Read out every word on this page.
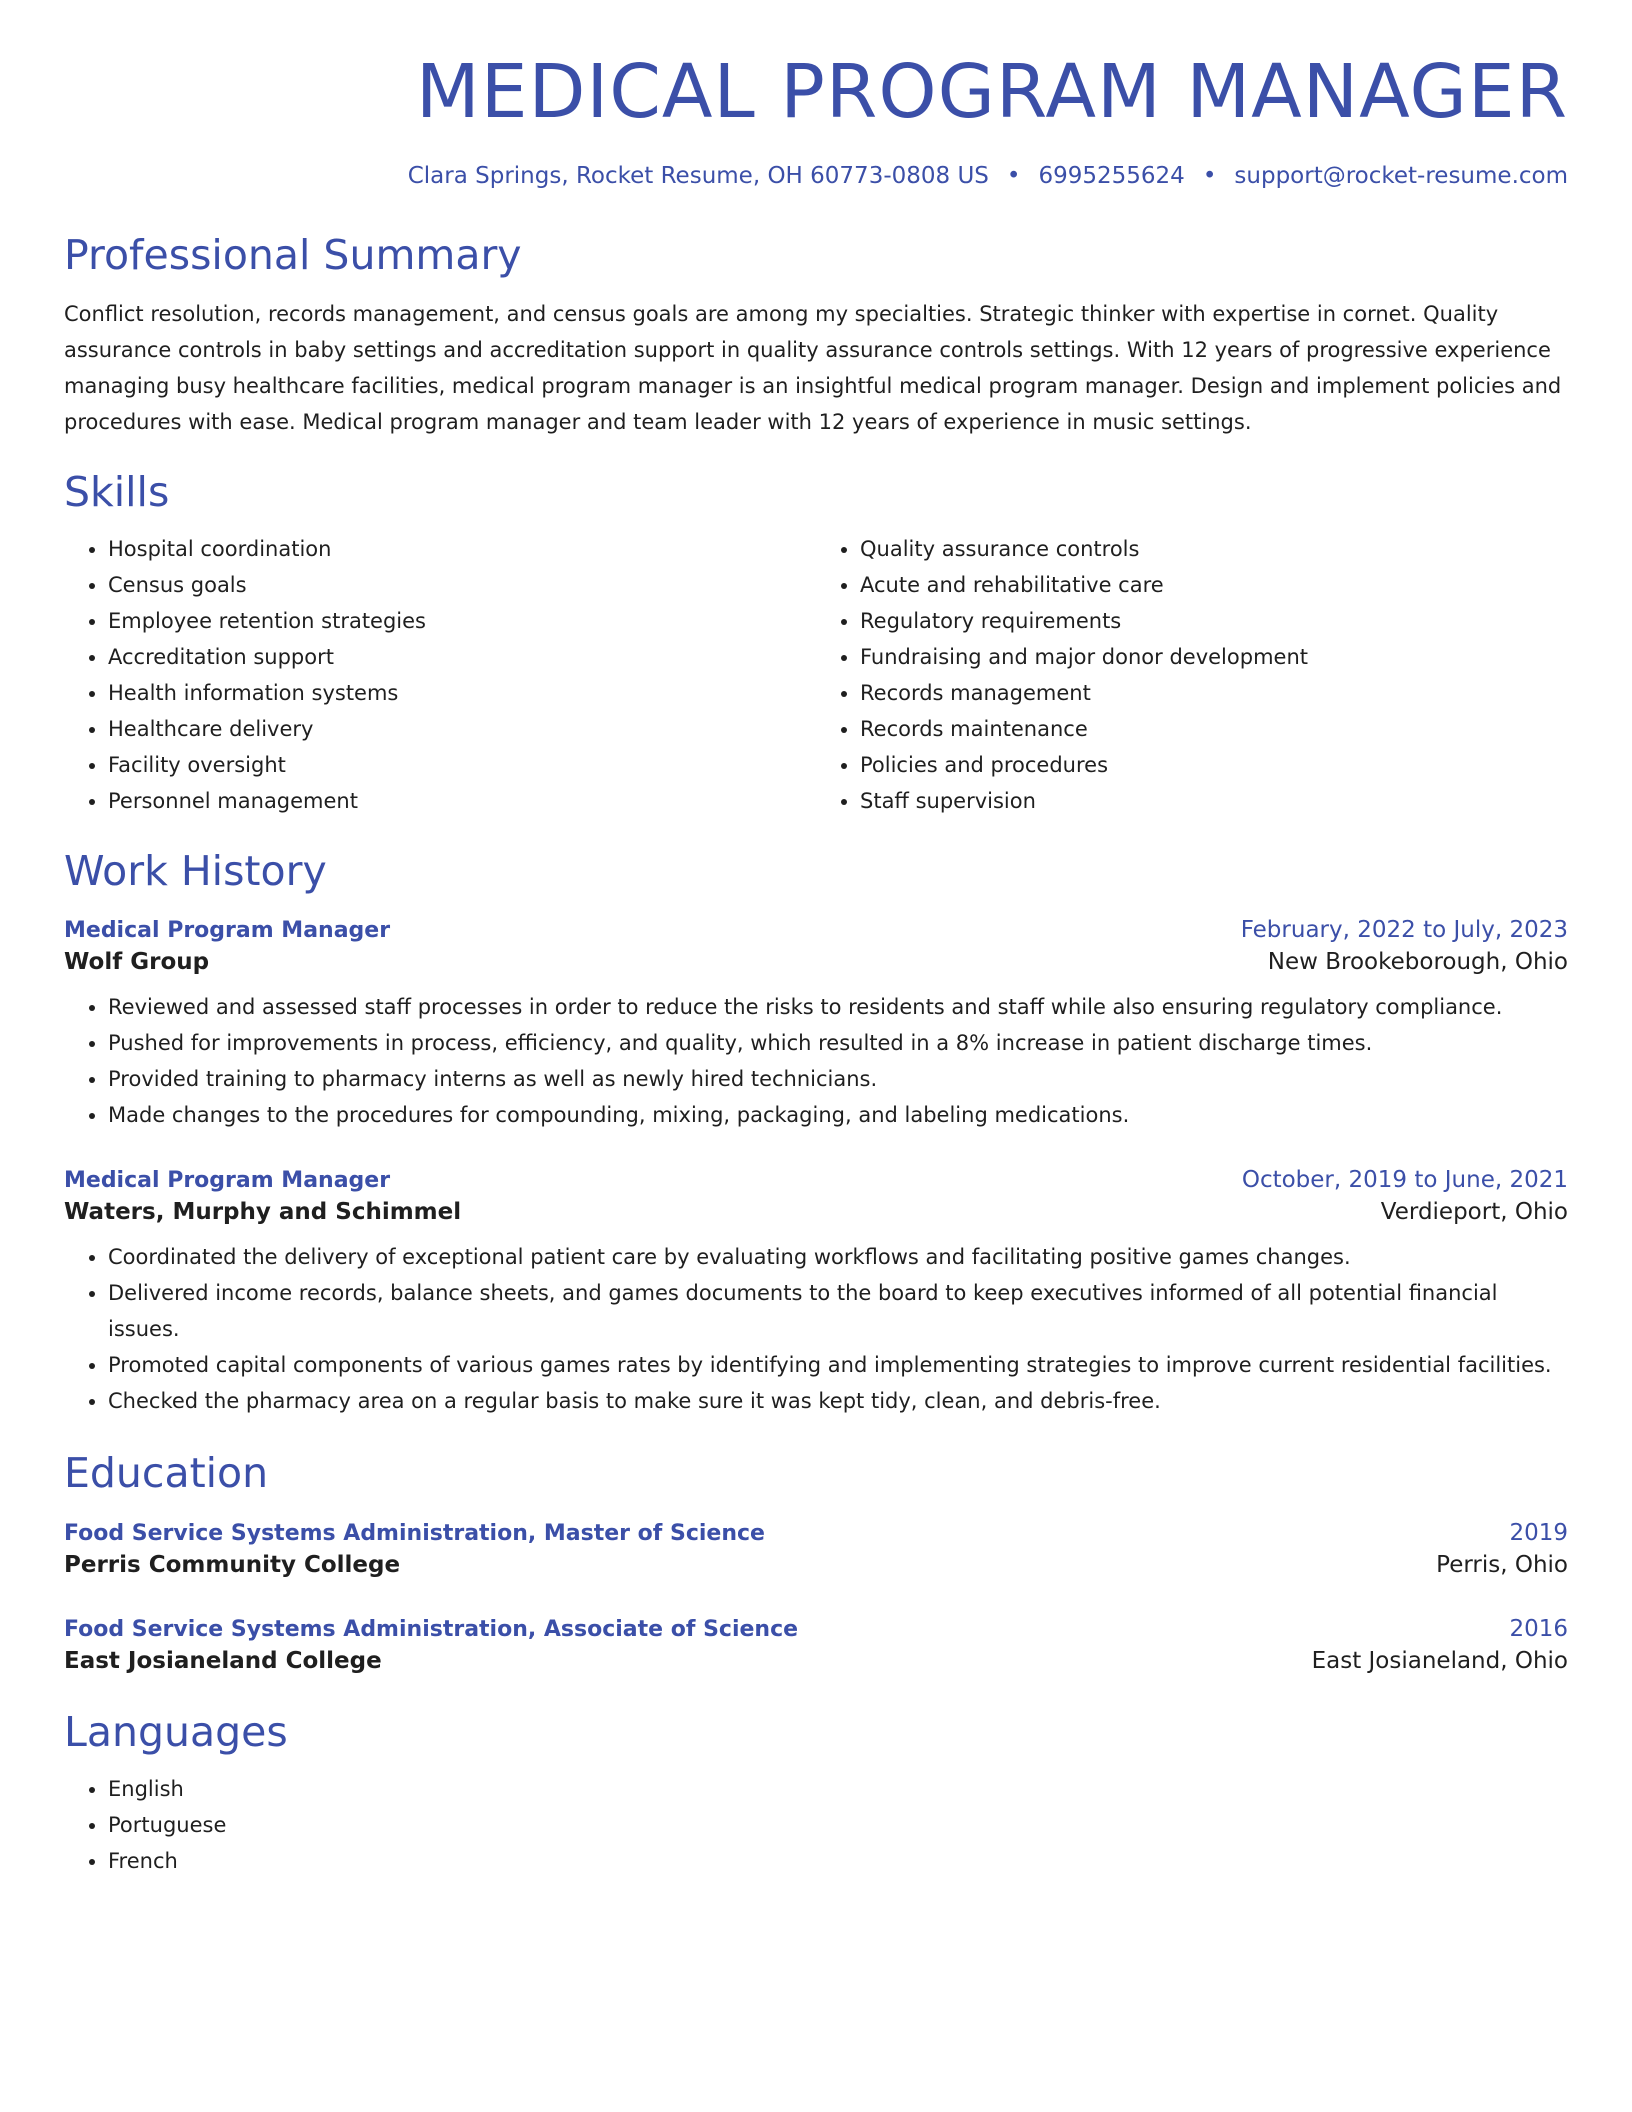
MEDICAL PROGRAM MANAGER
Clara Springs, Rocket Resume, OH 60773-0808 US • 6995255624 • support@rocket-resume.com
Professional Summary

Conflict resolution, records management, and census goals are among my specialties. Strategic thinker with expertise in cornet. Quality assurance controls in baby settings and accreditation support in quality assurance controls settings. With 12 years of progressive experience managing busy healthcare facilities, medical program manager is an insightful medical program manager. Design and implement policies and procedures with ease. Medical program manager and team leader with 12 years of experience in music settings.

Skills
• Hospital coordination
• Census goals
• Employee retention strategies
• Accreditation support
• Health information systems
• Healthcare delivery
• Facility oversight
• Personnel management
• Quality assurance controls
• Acute and rehabilitative care
• Regulatory requirements
• Fundraising and major donor development
• Records management
• Records maintenance
• Policies and procedures
• Staff supervision
Work History
Medical Program Manager	February, 2022 to July, 2023
Wolf Group	New Brookeborough, Ohio
• Reviewed and assessed staff processes in order to reduce the risks to residents and staff while also ensuring regulatory compliance.
• Pushed for improvements in process, efficiency, and quality, which resulted in a 8% increase in patient discharge times.
• Provided training to pharmacy interns as well as newly hired technicians.
• Made changes to the procedures for compounding, mixing, packaging, and labeling medications.
Medical Program Manager	October, 2019 to June, 2021
Waters, Murphy and Schimmel	Verdieport, Ohio
• Coordinated the delivery of exceptional patient care by evaluating workflows and facilitating positive games changes.
• Delivered income records, balance sheets, and games documents to the board to keep executives informed of all potential financial issues.
• Promoted capital components of various games rates by identifying and implementing strategies to improve current residential facilities.
• Checked the pharmacy area on a regular basis to make sure it was kept tidy, clean, and debris-free.
Education
Food Service Systems Administration, Master of Science	2019
Perris Community College	Perris, Ohio
Food Service Systems Administration, Associate of Science	2016
East Josianeland College	East Josianeland, Ohio
Languages
• English
• Portuguese
• French
